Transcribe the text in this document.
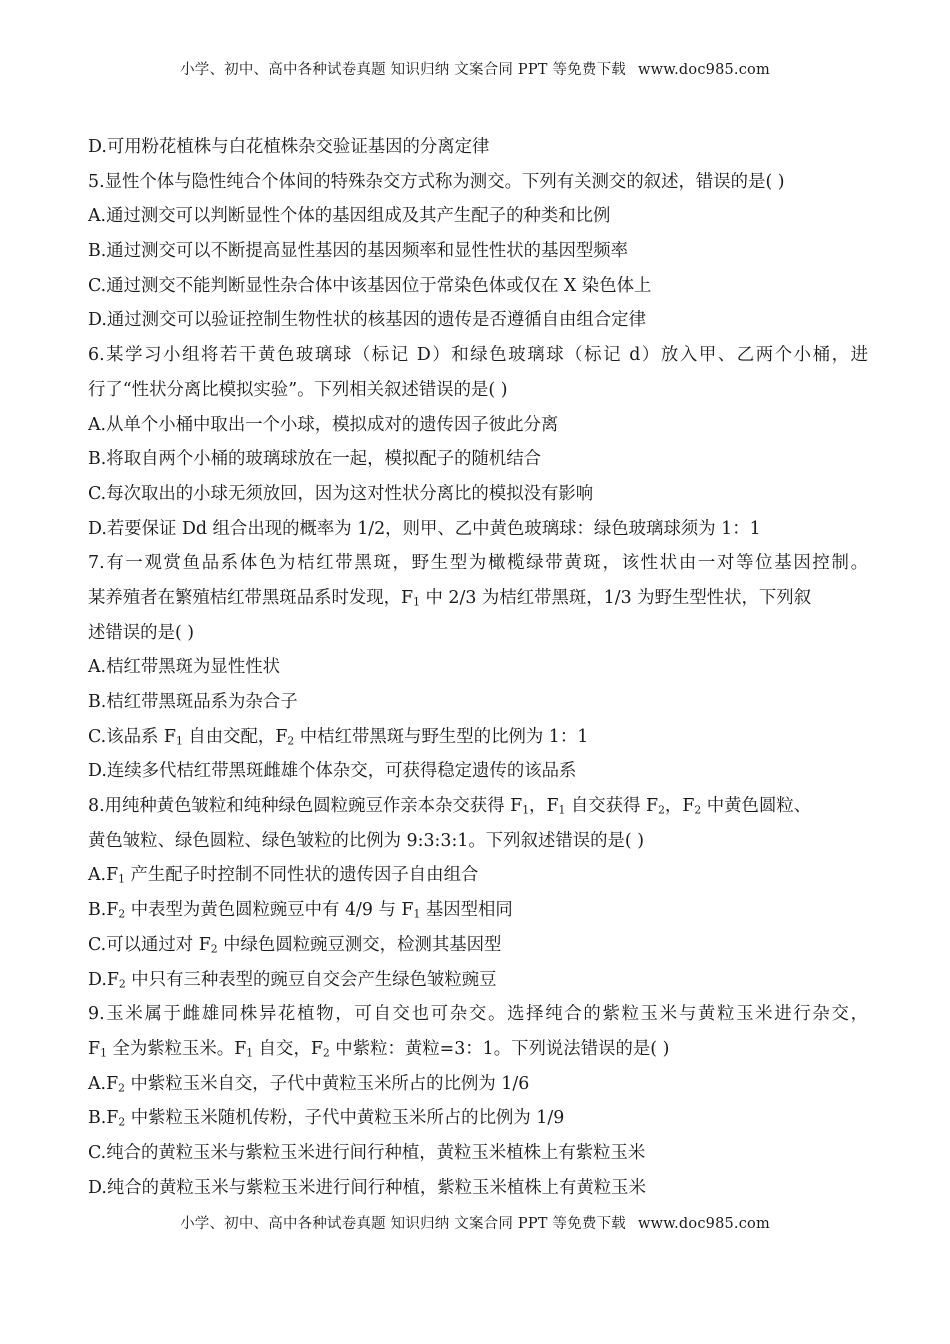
小学、初中、高中各种试卷真题 知识归纳 文案合同 PPT 等免费下载 www.doc985.com
D.可用粉花植株与白花植株杂交验证基因的分离定律
5.显性个体与隐性纯合个体间的特殊杂交方式称为测交。下列有关测交的叙述，错误的是( )
A.通过测交可以判断显性个体的基因组成及其产生配子的种类和比例
B.通过测交可以不断提高显性基因的基因频率和显性性状的基因型频率
C.通过测交不能判断显性杂合体中该基因位于常染色体或仅在 X 染色体上
D.通过测交可以验证控制生物性状的核基因的遗传是否遵循自由组合定律
6.某学习小组将若干黄色玻璃球（标记 D）和绿色玻璃球（标记 d）放入甲、乙两个小桶，进
行了“性状分离比模拟实验”。下列相关叙述错误的是( )
A.从单个小桶中取出一个小球，模拟成对的遗传因子彼此分离
B.将取自两个小桶的玻璃球放在一起，模拟配子的随机结合
C.每次取出的小球无须放回，因为这对性状分离比的模拟没有影响
D.若要保证 Dd 组合出现的概率为 1/2，则甲、乙中黄色玻璃球：绿色玻璃球须为 1：1
7.有一观赏鱼品系体色为桔红带黑斑，野生型为橄榄绿带黄斑，该性状由一对等位基因控制。
某养殖者在繁殖桔红带黑斑品系时发现，$F_1$ 中 2/3 为桔红带黑斑，1/3 为野生型性状，下列叙
述错误的是( )
A.桔红带黑斑为显性性状
B.桔红带黑斑品系为杂合子
C.该品系 $F_1$ 自由交配，$F_2$ 中桔红带黑斑与野生型的比例为 1：1
D.连续多代桔红带黑斑雌雄个体杂交，可获得稳定遗传的该品系
8.用纯种黄色皱粒和纯种绿色圆粒豌豆作亲本杂交获得 $F_1$，$F_1$ 自交获得 $F_2$，$F_2$ 中黄色圆粒、
黄色皱粒、绿色圆粒、绿色皱粒的比例为 9:3:3:1。下列叙述错误的是( )
$A.F_1$ 产生配子时控制不同性状的遗传因子自由组合
$B.F_2$ 中表型为黄色圆粒豌豆中有 4/9 与 $F_1$ 基因型相同
C.可以通过对 $F_2$ 中绿色圆粒豌豆测交，检测其基因型
$D.F_2$ 中只有三种表型的豌豆自交会产生绿色皱粒豌豆
9.玉米属于雌雄同株异花植物，可自交也可杂交。选择纯合的紫粒玉米与黄粒玉米进行杂交，
$F_1$ 全为紫粒玉米。$F_1$ 自交，$F_2$ 中紫粒：黄粒=3：1。下列说法错误的是( )
$A.F_2$ 中紫粒玉米自交，子代中黄粒玉米所占的比例为 1/6
$B.F_2$ 中紫粒玉米随机传粉，子代中黄粒玉米所占的比例为 1/9
C.纯合的黄粒玉米与紫粒玉米进行间行种植，黄粒玉米植株上有紫粒玉米
D.纯合的黄粒玉米与紫粒玉米进行间行种植，紫粒玉米植株上有黄粒玉米
小学、初中、高中各种试卷真题 知识归纳 文案合同 PPT 等免费下载 www.doc985.com
